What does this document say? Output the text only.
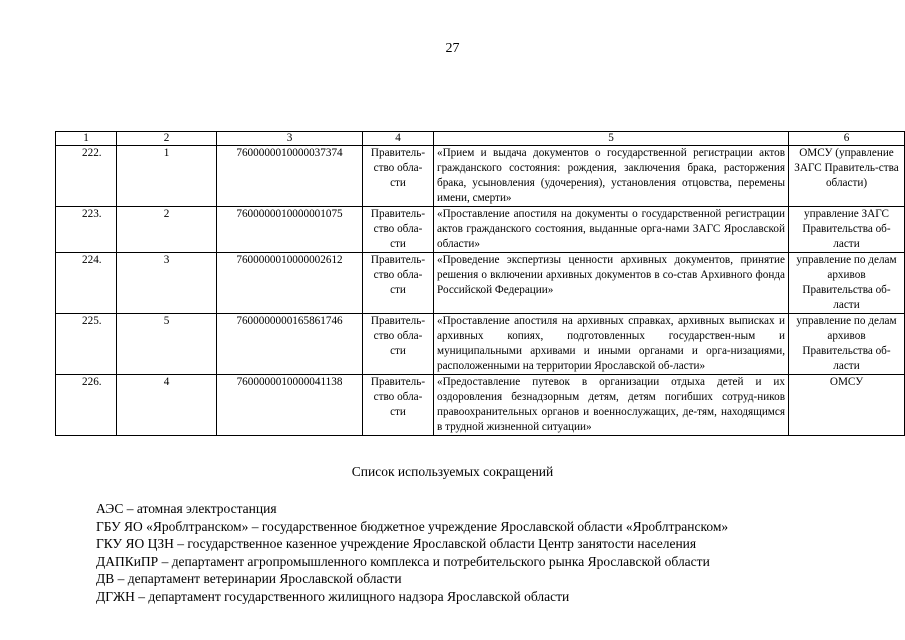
27
1	2	3	4	5	6
222.	1	7600000010000037374	Правитель-ство обла-сти	«Прием и выдача документов о государственной регистрации актов гражданского состояния: рождения, заключения брака, расторжения брака, усыновления (удочерения), установления отцовства, перемены имени, смерти»	ОМСУ (управление ЗАГС Правитель-ства области)
223.	2	7600000010000001075	Правитель-ство обла-сти	«Проставление апостиля на документы о государственной регистрации актов гражданского состояния, выданные орга-нами ЗАГС Ярославской области»	управление ЗАГС Правительства об-ласти
224.	3	7600000010000002612	Правитель-ство обла-сти	«Проведение экспертизы ценности архивных документов, принятие решения о включении архивных документов в со-став Архивного фонда Российской Федерации»	управление по делам архивов Правительства об-ласти
225.	5	7600000000165861746	Правитель-ство обла-сти	«Проставление апостиля на архивных справках, архивных выписках и архивных копиях, подготовленных государствен-ным и муниципальными архивами и иными органами и орга-низациями, расположенными на территории Ярославской об-ласти»	управление по делам архивов Правительства об-ласти
226.	4	7600000010000041138	Правитель-ство обла-сти	«Предоставление путевок в организации отдыха детей и их оздоровления безнадзорным детям, детям погибших сотруд-ников правоохранительных органов и военнослужащих, де-тям, находящимся в трудной жизненной ситуации»	ОМСУ
Список используемых сокращений
АЭС – атомная электростанция
ГБУ ЯО «Яроблтранском» – государственное бюджетное учреждение Ярославской области «Яроблтранском»
ГКУ ЯО ЦЗН – государственное казенное учреждение Ярославской области Центр занятости населения
ДАПКиПР – департамент агропромышленного комплекса и потребительского рынка Ярославской области
ДВ – департамент ветеринарии Ярославской области
ДГЖН – департамент государственного жилищного надзора Ярославской области
